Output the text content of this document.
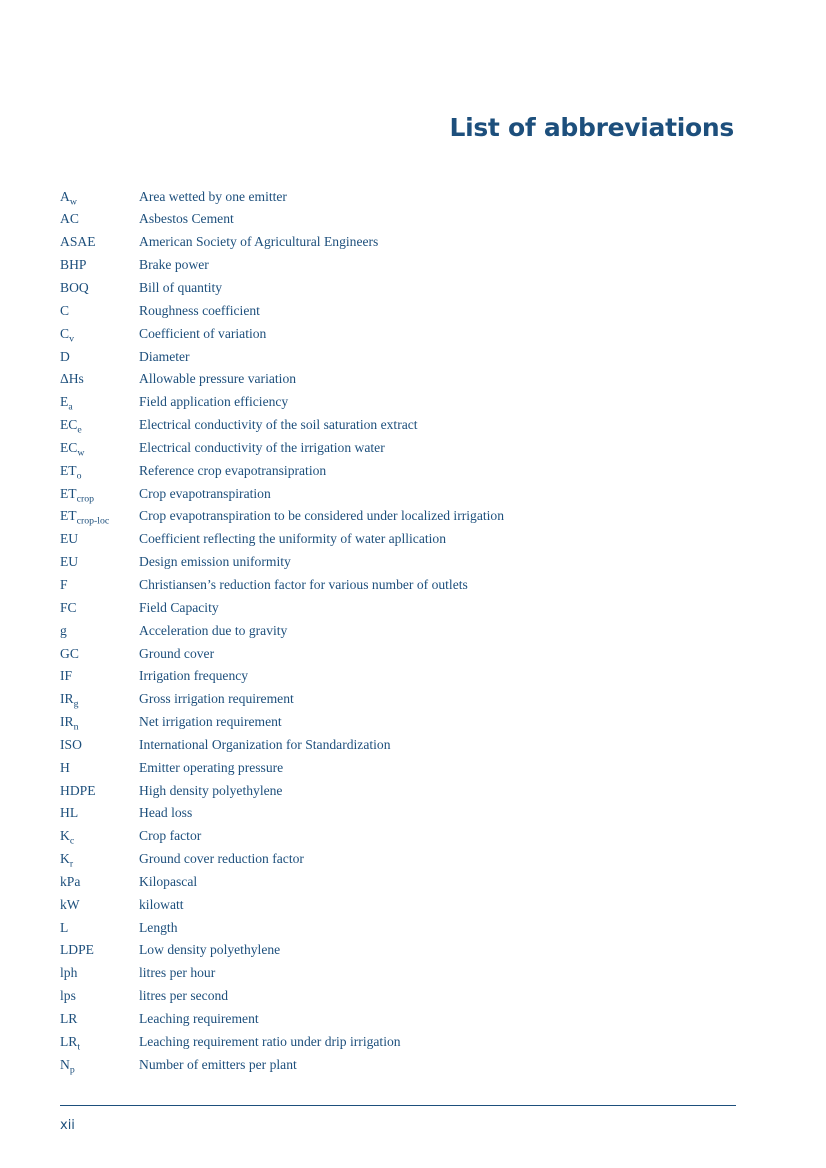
List of abbreviations
$A_w$	Area wetted by one emitter
AC	Asbestos Cement
ASAE	American Society of Agricultural Engineers
BHP	Brake power
BOQ	Bill of quantity
C	Roughness coefficient
$C_v$	Coefficient of variation
D	Diameter
ΔHs	Allowable pressure variation
$E_a$	Field application efficiency
$EC_e$	Electrical conductivity of the soil saturation extract
$EC_w$	Electrical conductivity of the irrigation water
$ET_o$	Reference crop evapotransipration
$ET_{crop}$	Crop evapotranspiration
$ET_{crop-loc}$	Crop evapotranspiration to be considered under localized irrigation
EU	Coefficient reflecting the uniformity of water apllication
EU	Design emission uniformity
F	Christiansen’s reduction factor for various number of outlets
FC	Field Capacity
g	Acceleration due to gravity
GC	Ground cover
IF	Irrigation frequency
$IR_g$	Gross irrigation requirement
$IR_n$	Net irrigation requirement
ISO	International Organization for Standardization
H	Emitter operating pressure
HDPE	High density polyethylene
HL	Head loss
$K_c$	Crop factor
$K_r$	Ground cover reduction factor
kPa	Kilopascal
kW	kilowatt
L	Length
LDPE	Low density polyethylene
lph	litres per hour
lps	litres per second
LR	Leaching requirement
$LR_t$	Leaching requirement ratio under drip irrigation
$N_p$	Number of emitters per plant
xii
